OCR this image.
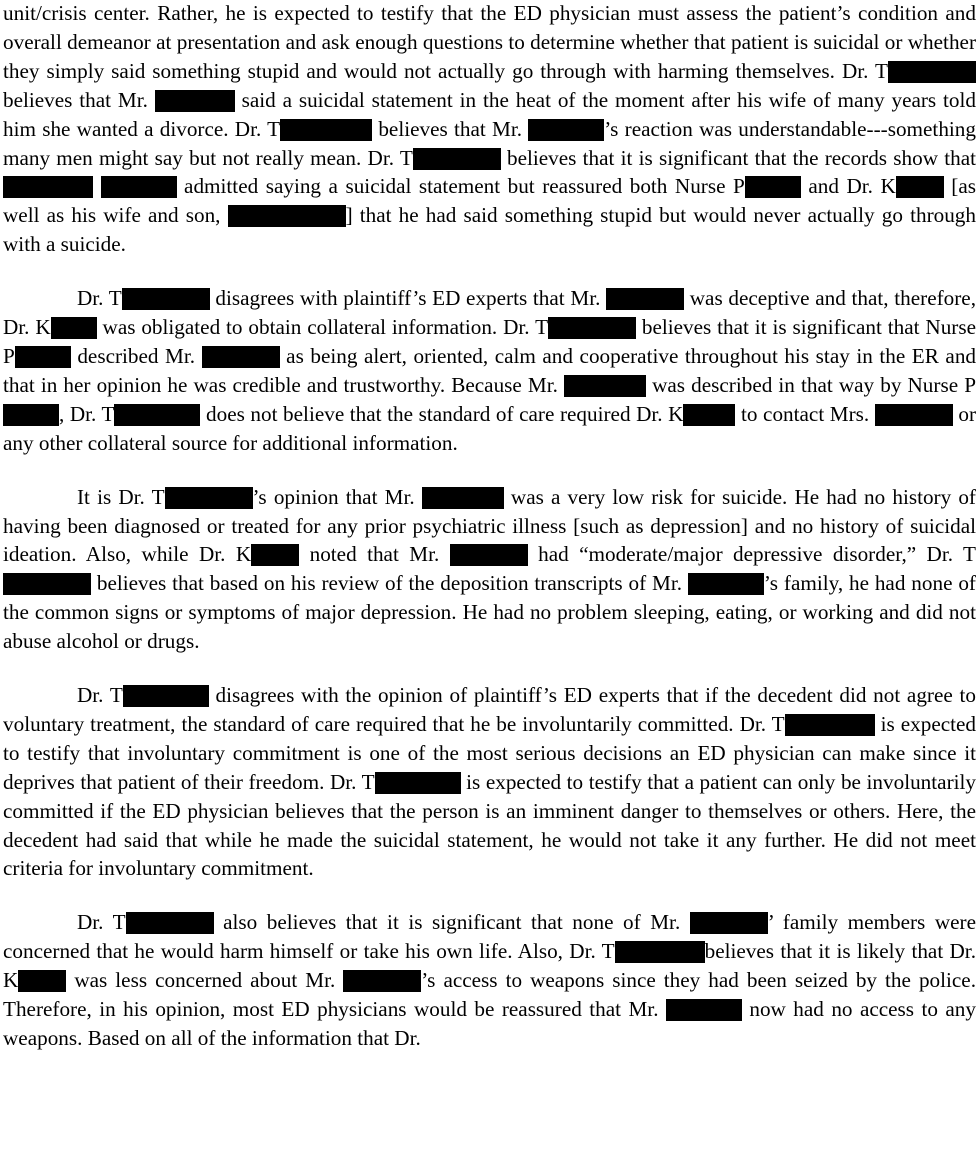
unit/crisis center. Rather, he is expected to testify that the ED physician must assess the patient’s condition and overall demeanor at presentation and ask enough questions to determine whether that patient is suicidal or whether they simply said something stupid and would not actually go through with harming themselves. Dr. T believes that Mr.	said a suicidal statement in the heat of the moment after his wife of many years told him she wanted a divorce. Dr. T	believes that Mr.	’s reaction was understandable---something many men might say but not really mean. Dr. T	believes that it is significant that the records show that   admitted saying a suicidal statement but reassured both Nurse P	and Dr. K [as well as his wife and son,	] that he had said something stupid but would never actually go through with a suicide.

Dr. T	disagrees with plaintiff’s ED experts that Mr.	was deceptive and that, therefore, Dr. K was obligated to obtain collateral information. Dr. T	believes that it is significant that Nurse P	described Mr.	as being alert, oriented, calm and cooperative throughout his stay in the ER and that in her opinion he was credible and trustworthy. Because Mr.	was described in that way by Nurse P, Dr. T	does not believe that the standard of care required Dr. K to contact Mrs.	or any other collateral source for additional information.

It is Dr. T	’s opinion that Mr.	was a very low risk for suicide. He had no history of having been diagnosed or treated for any prior psychiatric illness [such as depression] and no history of suicidal ideation. Also, while Dr. K noted that Mr.	had “moderate/major depressive disorder,” Dr. T believes that based on his review of the deposition transcripts of Mr.	’s family, he had none of the common signs or symptoms of major depression. He had no problem sleeping, eating, or working and did not abuse alcohol or drugs.

Dr. T	disagrees with the opinion of plaintiff’s ED experts that if the decedent did not agree to voluntary treatment, the standard of care required that he be involuntarily committed. Dr. T	is expected to testify that involuntary commitment is one of the most serious decisions an ED physician can make since it deprives that patient of their freedom. Dr. T	is expected to testify that a patient can only be involuntarily committed if the ED physician believes that the person is an imminent danger to themselves or others. Here, the decedent had said that while he made the suicidal statement, he would not take it any further. He did not meet criteria for involuntary commitment.

Dr. T	also believes that it is significant that none of Mr.	’ family members were concerned that he would harm himself or take his own life. Also, Dr. T	believes that it is likely that Dr. K was less concerned about Mr.	’s access to weapons since they had been seized by the police. Therefore, in his opinion, most ED physicians would be reassured that Mr.	now had no access to any weapons. Based on all of the information that Dr.
